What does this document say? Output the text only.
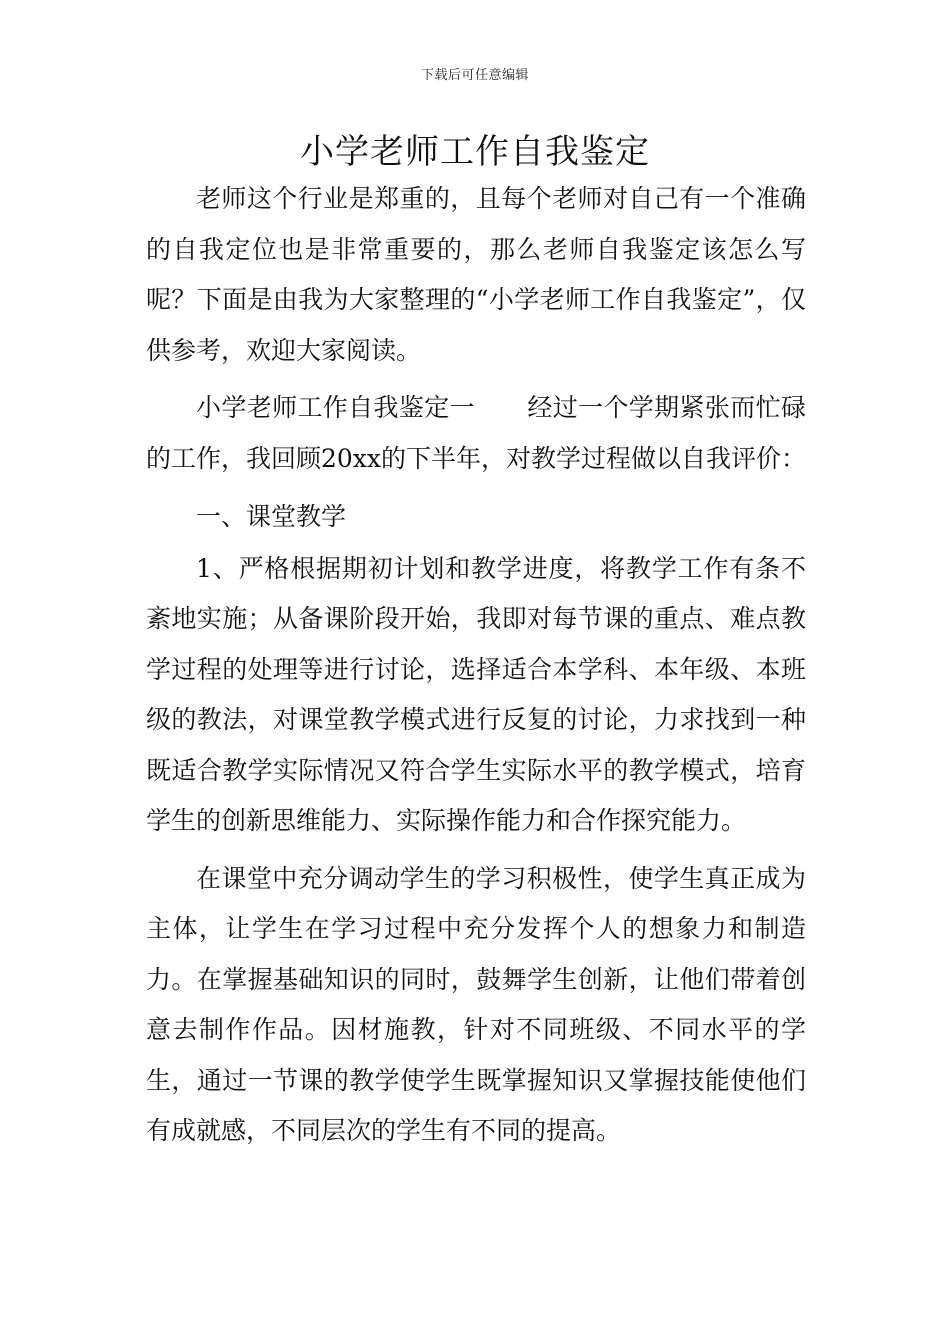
下载后可任意编辑
小学老师工作自我鉴定

老师这个行业是郑重的，且每个老师对自己有一个准确的自我定位也是非常重要的，那么老师自我鉴定该怎么写呢？下面是由我为大家整理的“小学老师工作自我鉴定”，仅供参考，欢迎大家阅读。

小学老师工作自我鉴定一 经过一个学期紧张而忙碌的工作，我回顾20xx的下半年，对教学过程做以自我评价：

一、课堂教学

1、严格根据期初计划和教学进度，将教学工作有条不紊地实施；从备课阶段开始，我即对每节课的重点、难点教学过程的处理等进行讨论，选择适合本学科、本年级、本班级的教法，对课堂教学模式进行反复的讨论，力求找到一种既适合教学实际情况又符合学生实际水平的教学模式，培育学生的创新思维能力、实际操作能力和合作探究能力。

在课堂中充分调动学生的学习积极性，使学生真正成为主体，让学生在学习过程中充分发挥个人的想象力和制造力。在掌握基础知识的同时，鼓舞学生创新，让他们带着创意去制作作品。因材施教，针对不同班级、不同水平的学生，通过一节课的教学使学生既掌握知识又掌握技能使他们有成就感，不同层次的学生有不同的提高。
